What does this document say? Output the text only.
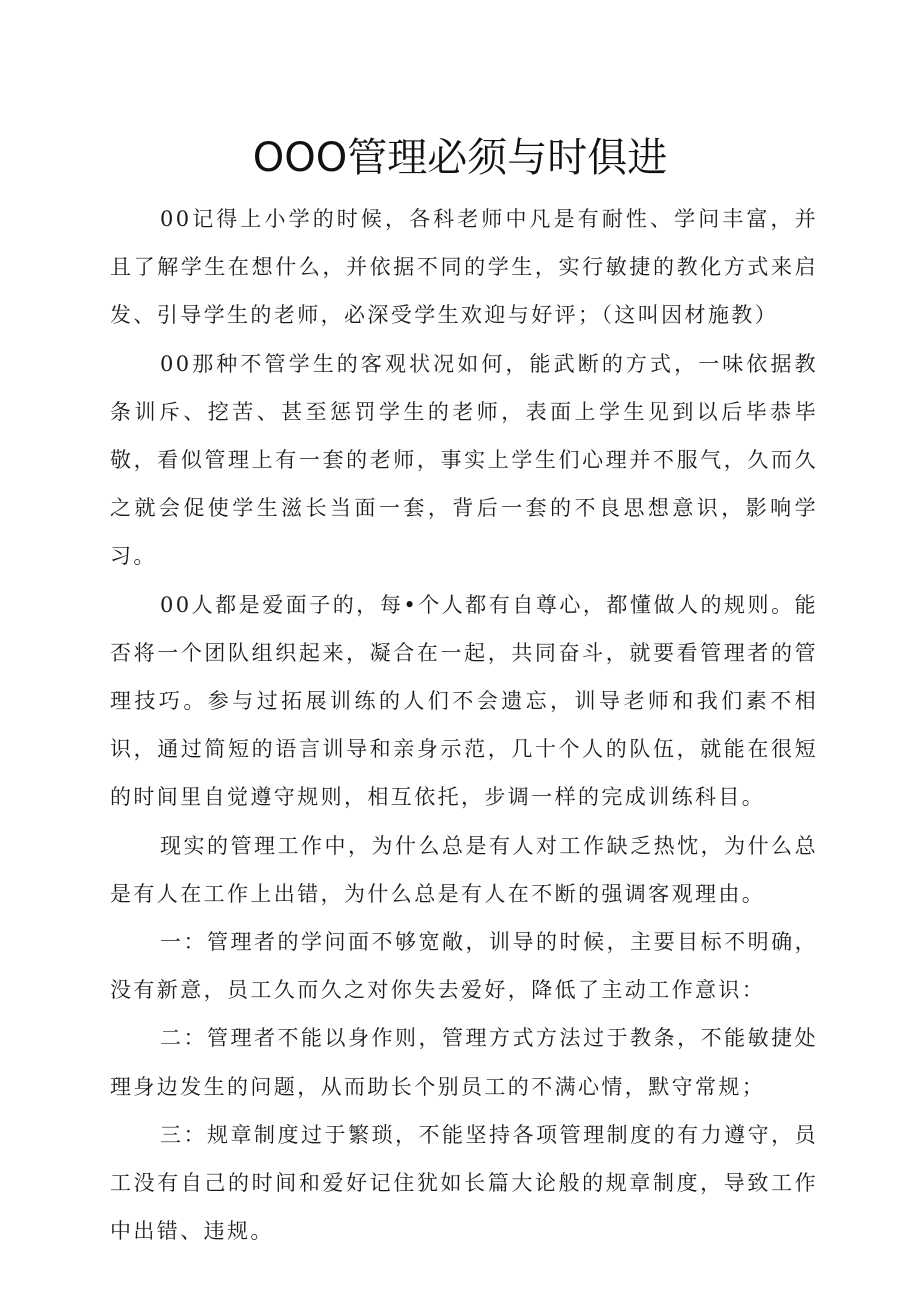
OOO管理必须与时俱进

00记得上小学的时候，各科老师中凡是有耐性、学问丰富，并且了解学生在想什么，并依据不同的学生，实行敏捷的教化方式来启发、引导学生的老师，必深受学生欢迎与好评；（这叫因材施教）

00那种不管学生的客观状况如何，能武断的方式，一味依据教条训斥、挖苦、甚至惩罚学生的老师，表面上学生见到以后毕恭毕敬，看似管理上有一套的老师，事实上学生们心理并不服气，久而久之就会促使学生滋长当面一套，背后一套的不良思想意识，影响学习。

00人都是爱面子的，每•个人都有自尊心，都懂做人的规则。能否将一个团队组织起来，凝合在一起，共同奋斗，就要看管理者的管理技巧。参与过拓展训练的人们不会遗忘，训导老师和我们素不相识，通过简短的语言训导和亲身示范，几十个人的队伍，就能在很短的时间里自觉遵守规则，相互依托，步调一样的完成训练科目。

现实的管理工作中，为什么总是有人对工作缺乏热忱，为什么总是有人在工作上出错，为什么总是有人在不断的强调客观理由。

一：管理者的学问面不够宽敞，训导的时候，主要目标不明确，没有新意，员工久而久之对你失去爱好，降低了主动工作意识：

二：管理者不能以身作则，管理方式方法过于教条，不能敏捷处理身边发生的问题，从而助长个别员工的不满心情，默守常规；

三：规章制度过于繁琐，不能坚持各项管理制度的有力遵守，员工没有自己的时间和爱好记住犹如长篇大论般的规章制度，导致工作中出错、违规。
